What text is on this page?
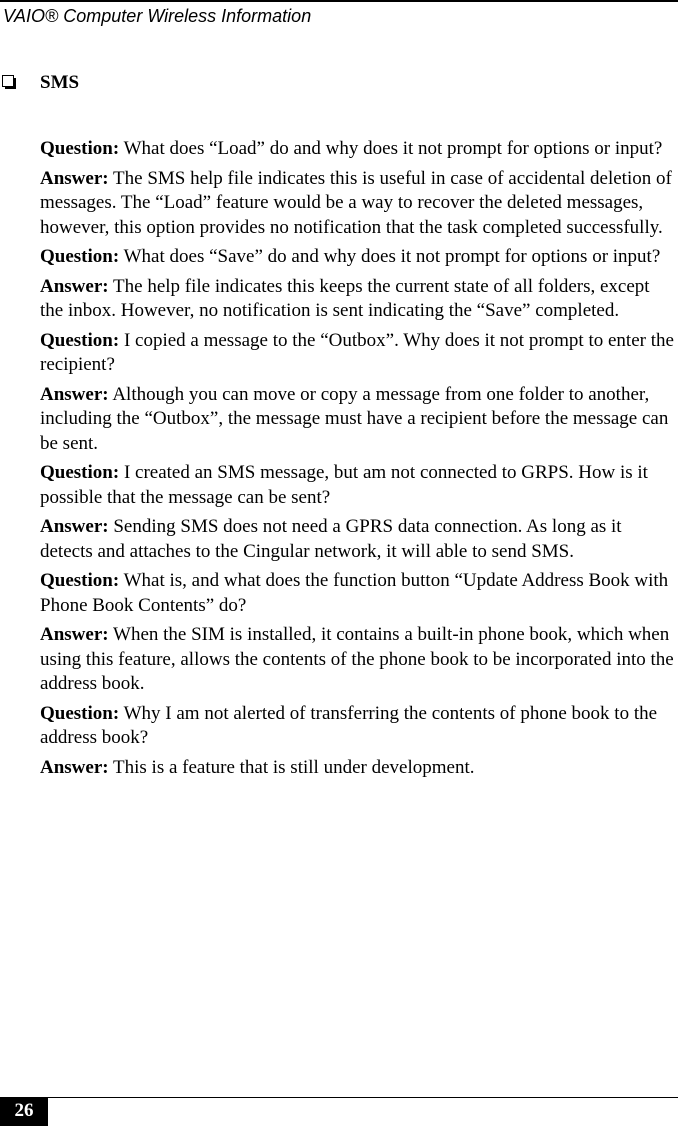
VAIO® Computer Wireless Information
SMS

Question: What does “Load” do and why does it not prompt for options or input?

Answer: The SMS help file indicates this is useful in case of accidental deletion of messages. The “Load” feature would be a way to recover the deleted messages, however, this option provides no notification that the task completed successfully.

Question: What does “Save” do and why does it not prompt for options or input?

Answer: The help file indicates this keeps the current state of all folders, except the inbox. However, no notification is sent indicating the “Save” completed.

Question: I copied a message to the “Outbox”. Why does it not prompt to enter the recipient?

Answer: Although you can move or copy a message from one folder to another, including the “Outbox”, the message must have a recipient before the message can be sent.

Question: I created an SMS message, but am not connected to GRPS. How is it possible that the message can be sent?

Answer: Sending SMS does not need a GPRS data connection. As long as it detects and attaches to the Cingular network, it will able to send SMS.

Question: What is, and what does the function button “Update Address Book with Phone Book Contents” do?

Answer: When the SIM is installed, it contains a built-in phone book, which when using this feature, allows the contents of the phone book to be incorporated into the address book.

Question: Why I am not alerted of transferring the contents of phone book to the address book?

Answer: This is a feature that is still under development.

26
